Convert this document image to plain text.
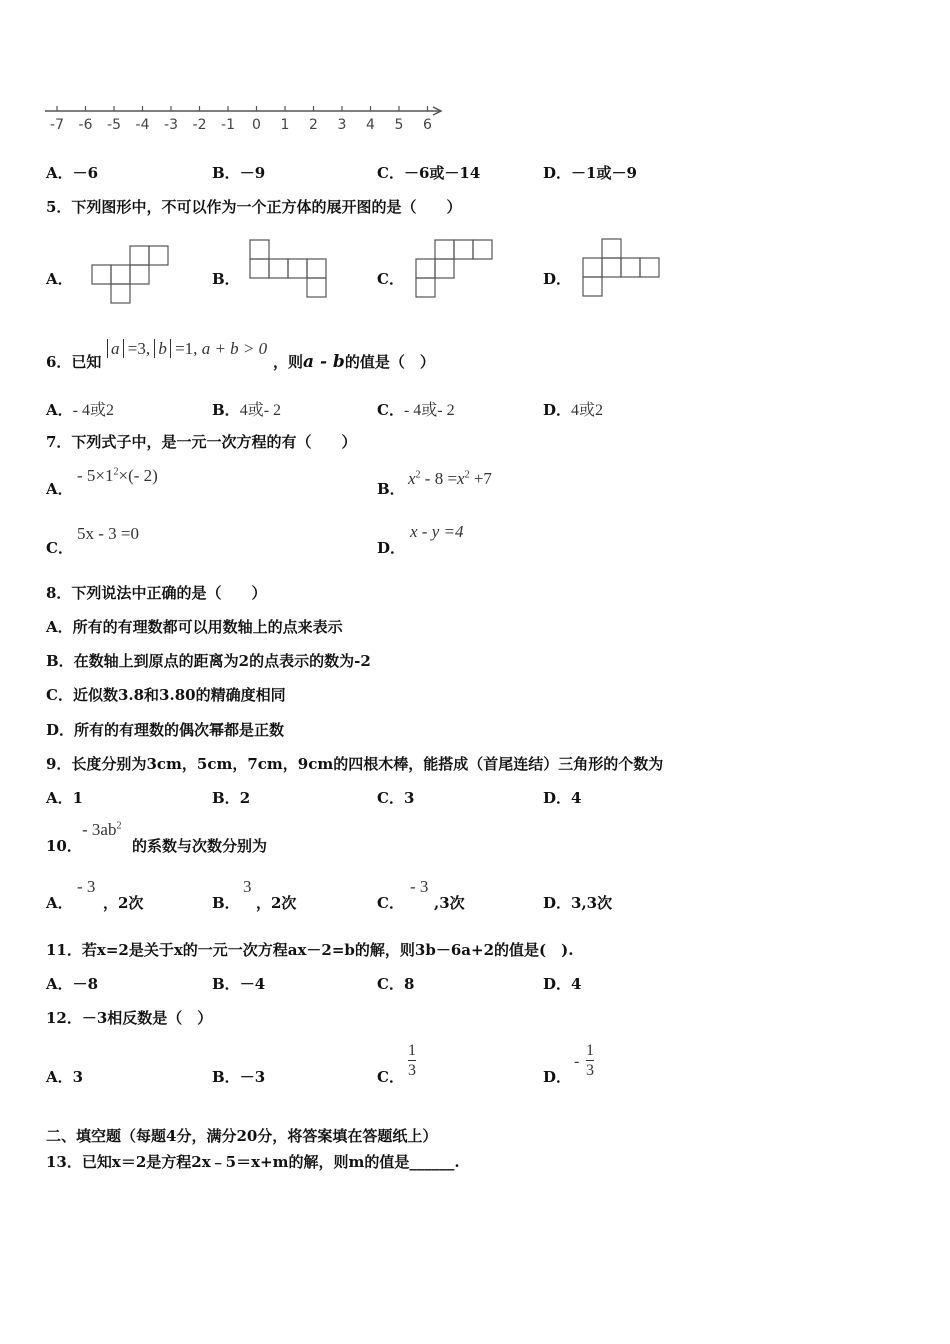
-7 -6 -5 -4 -3 -2 -1 0 1 2 3 4 5 6
A．－6	B．－9	C．－6或－14	D．－1或－9
5．下列图形中，不可以作为一个正方体的展开图的是（　　）
A．	B．	C．	D．
6．已知
a =3, b =1, a + b > 0
，则a - b的值是（　）
A．- 4或2	B．4或- 2	C．- 4或- 2	D．4或2
7．下列式子中，是一元一次方程的有（　　）
A．
- $5\times 1^2\times(-$ 2)
B．
$x^2 - 8 =x^2 +7$
C．
5x - 3 =0
D．
x - y =4
8．下列说法中正确的是（　　）
A．所有的有理数都可以用数轴上的点来表示
B．在数轴上到原点的距离为2的点表示的数为-2
C．近似数3.8和3.80的精确度相同
D．所有的有理数的偶次幂都是正数
9．长度分别为3cm，5cm，7cm，9cm的四根木棒，能搭成（首尾连结）三角形的个数为
A．1	B．2	C．3	D．4
10．
- $3ab^2$
的系数与次数分别为
A．
- 3
，2次	B．
3
，2次	C．
- 3
,3次	D．3,3次
11．若x=2是关于x的一元一次方程ax－2=b的解，则3b－6a+2的值是(　).
A．－8	B．－4	C．8	D．4
12．－3相反数是（　）
A．3	B．－3	C．
1
3	D．
-
1
3
二、填空题（每题4分，满分20分，将答案填在答题纸上）
13．已知x＝2是方程2x﹣5＝x+m的解，则m的值是______.
